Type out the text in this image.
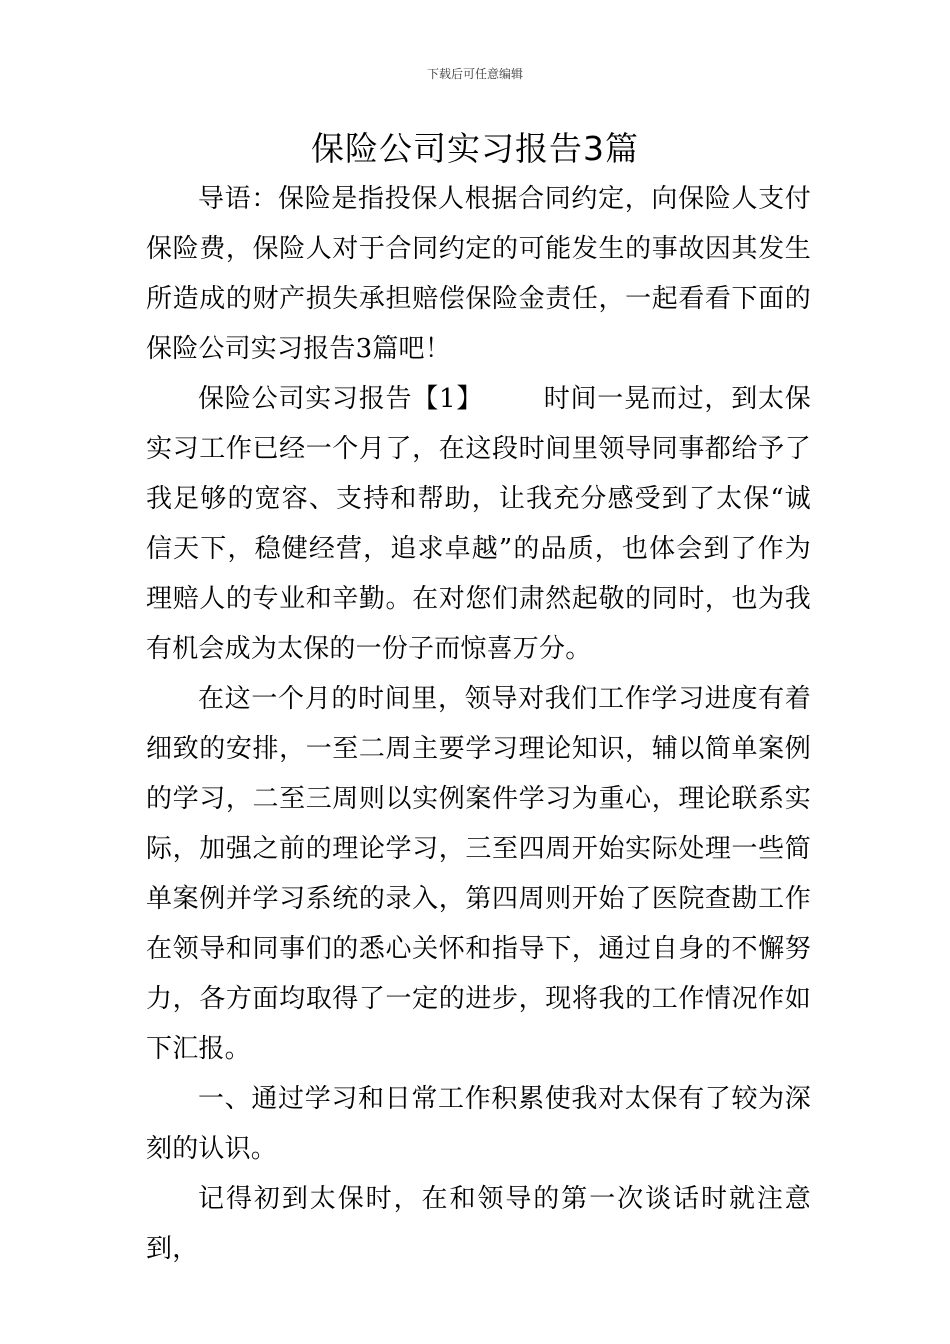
下载后可任意编辑
保险公司实习报告3篇

导语：保险是指投保人根据合同约定，向保险人支付保险费，保险人对于合同约定的可能发生的事故因其发生所造成的财产损失承担赔偿保险金责任，一起看看下面的保险公司实习报告3篇吧！

保险公司实习报告【1】 时间一晃而过，到太保实习工作已经一个月了，在这段时间里领导同事都给予了我足够的宽容、支持和帮助，让我充分感受到了太保“诚信天下，稳健经营，追求卓越”的品质，也体会到了作为理赔人的专业和辛勤。在对您们肃然起敬的同时，也为我有机会成为太保的一份子而惊喜万分。

在这一个月的时间里，领导对我们工作学习进度有着细致的安排，一至二周主要学习理论知识，辅以简单案例的学习，二至三周则以实例案件学习为重心，理论联系实际，加强之前的理论学习，三至四周开始实际处理一些简单案例并学习系统的录入，第四周则开始了医院查勘工作在领导和同事们的悉心关怀和指导下，通过自身的不懈努力，各方面均取得了一定的进步，现将我的工作情况作如下汇报。

一、通过学习和日常工作积累使我对太保有了较为深刻的认识。

记得初到太保时，在和领导的第一次谈话时就注意到，
